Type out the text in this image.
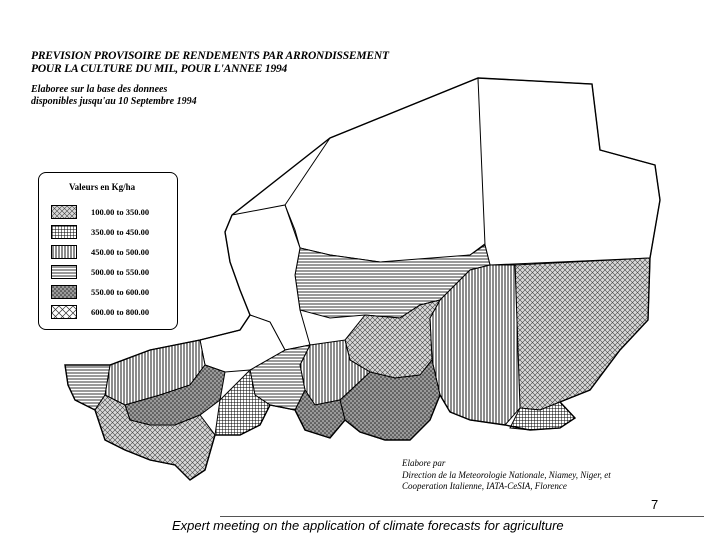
PREVISION PROVISOIRE DE RENDEMENTS PAR ARRONDISSEMENT
POUR LA CULTURE DU MIL, POUR L'ANNEE 1994
Elaboree sur la base des donnees
disponibles jusqu'au 10 Septembre 1994
Valeurs en Kg/ha
100.00 to 350.00
350.00 to 450.00
450.00 to 500.00
500.00 to 550.00
550.00 to 600.00
600.00 to 800.00
Elabore par
Direction de la Meteorologie Nationale, Niamey, Niger, et
Cooperation Italienne, IATA-CeSIA, Florence
7
Expert meeting on the application of climate forecasts for agriculture
